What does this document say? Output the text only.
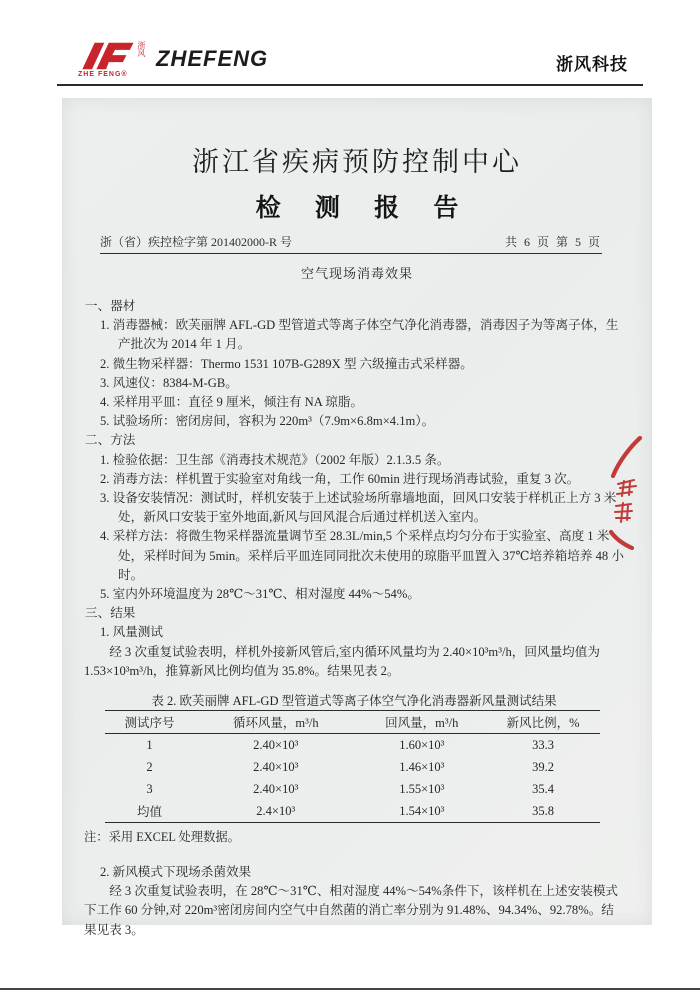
浙风
ZHE FENG®
ZHEFENG	浙风科技
浙江省疾病预防控制中心
检 测 报 告
浙（省）疾控检字第 201402000-R 号	共 6 页 第 5 页
空气现场消毒效果
一、器材
1. 消毒器械：欧芙丽牌 AFL-GD 型管道式等离子体空气净化消毒器，消毒因子为等离子体，生产批次为 2014 年 1 月。
2. 微生物采样器：Thermo 1531 107B-G289X 型 六级撞击式采样器。
3. 风速仪：8384-M-GB。
4. 采样用平皿：直径 9 厘米，倾注有 NA 琼脂。
5. 试验场所：密闭房间，容积为 220m³（7.9m×6.8m×4.1m）。
二、方法
1. 检验依据：卫生部《消毒技术规范》（2002 年版）2.1.3.5 条。
2. 消毒方法：样机置于实验室对角线一角，工作 60min 进行现场消毒试验，重复 3 次。
3. 设备安装情况：测试时，样机安装于上述试验场所靠墙地面，回风口安装于样机正上方 3 米处，新风口安装于室外地面,新风与回风混合后通过样机送入室内。
4. 采样方法：将微生物采样器流量调节至 28.3L/min,5 个采样点均匀分布于实验室、高度 1 米处，采样时间为 5min。采样后平皿连同同批次未使用的琼脂平皿置入 37℃培养箱培养 48 小时。
5. 室内外环境温度为 28℃～31℃、相对湿度 44%～54%。
三、结果
1. 风量测试
经 3 次重复试验表明，样机外接新风管后,室内循环风量均为 2.40×10³m³/h，回风量均值为 1.53×10³m³/h，推算新风比例均值为 35.8%。结果见表 2。
表 2. 欧芙丽牌 AFL-GD 型管道式等离子体空气净化消毒器新风量测试结果
测试序号	循环风量，m³/h	回风量，m³/h	新风比例，%
1	2.40×10³	1.60×10³	33.3
2	2.40×10³	1.46×10³	39.2
3	2.40×10³	1.55×10³	35.4
均值	2.4×10³	1.54×10³	35.8
注：采用 EXCEL 处理数据。
2. 新风模式下现场杀菌效果
经 3 次重复试验表明，在 28℃～31℃、相对湿度 44%～54%条件下，该样机在上述安装模式下工作 60 分钟,对 220m³密闭房间内空气中自然菌的消亡率分别为 91.48%、94.34%、92.78%。结果见表 3。
